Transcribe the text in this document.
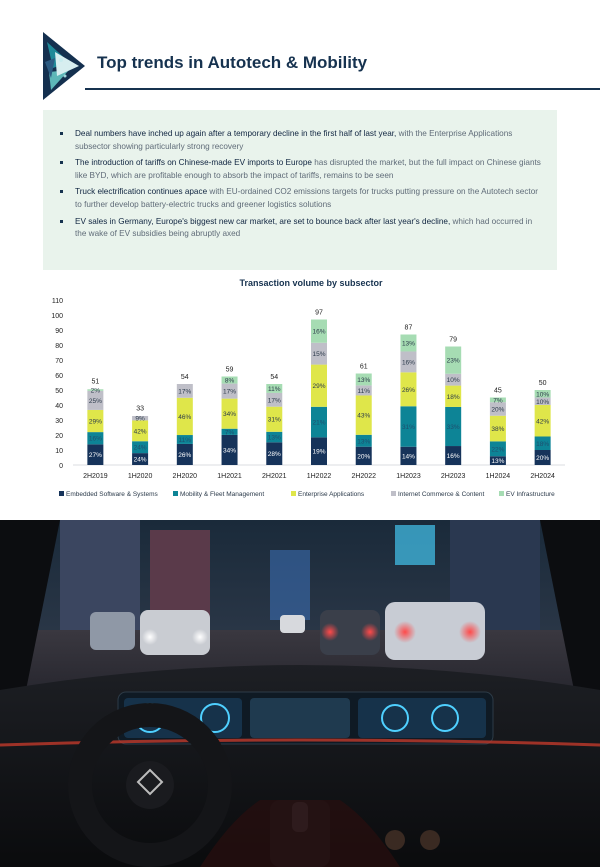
Top trends in Autotech & Mobility
Deal numbers have inched up again after a temporary decline in the first half of last year, with the Enterprise Applications subsector showing particularly strong recovery
The introduction of tariffs on Chinese-made EV imports to Europe has disrupted the market, but the full impact on Chinese giants like BYD, which are profitable enough to absorb the impact of tariffs, remains to be seen
Truck electrification continues apace with EU-ordained CO2 emissions targets for trucks putting pressure on the Autotech sector to further develop battery-electric trucks and greener logistics solutions
EV sales in Germany, Europe's biggest new car market, are set to bounce back after last year's decline, which had occurred in the wake of EV subsidies being abruptly axed
Transaction volume by subsector
0
10
20
30
40
50
60
70
80
90
100
110
27%
16%
29%
25%
2%
51
2H2019
24%
24%
42%
9%
33
1H2020
26%
11%
46%
17%
54
2H2020
34%
7%
34%
17%
8%
59
1H2021
28%
13%
31%
17%
11%
54
2H2021
19%
21%
29%
15%
16%
97
1H2022
20%
13%
43%
11%
13%
61
2H2022
14%
31%
26%
16%
13%
87
1H2023
16%
33%
18%
10%
23%
79
2H2023
13%
22%
38%
20%
7%
45
1H2024
20%
18%
42%
10%
10%
50
2H2024
Embedded Software & Systems	Mobility & Fleet Management	Enterprise Applications	Internet Commerce & Content	EV Infrastructure
